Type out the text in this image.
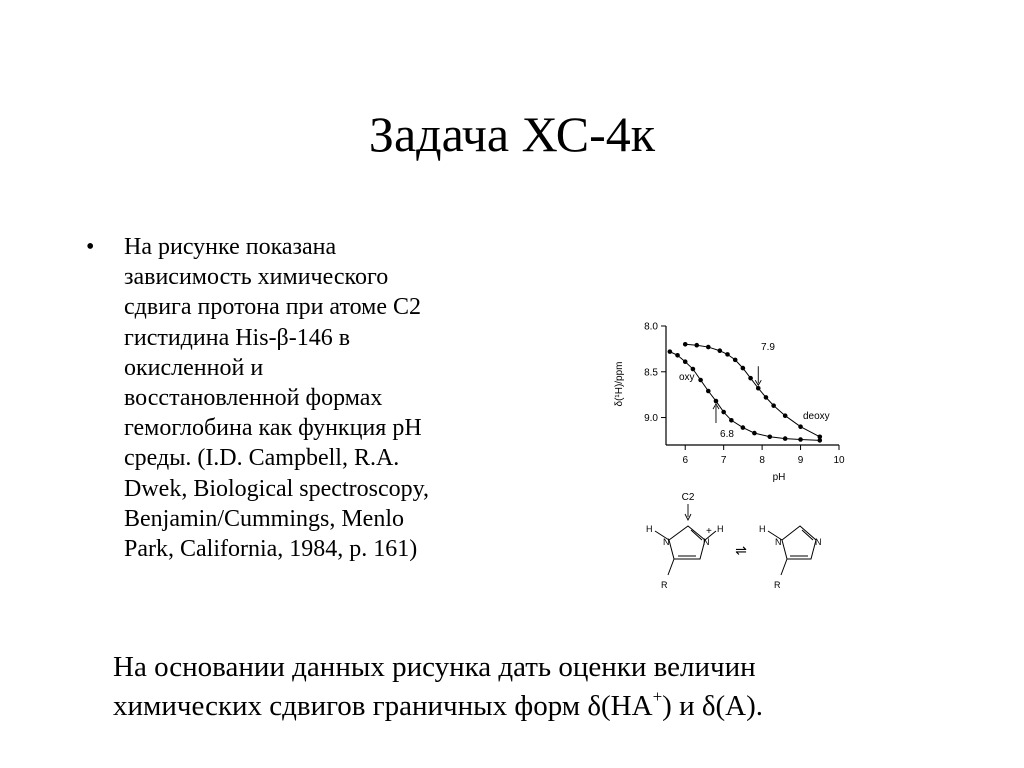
Задача ХС-4к
• На рисунке показана
зависимость химического
сдвига протона при атоме С2
гистидина His-β-146 в
окисленной и
восстановленной формах
гемоглобина как функция pH
среды. (I.D. Campbell, R.A.
Dwek, Biological spectroscopy,
Benjamin/Cummings, Menlo
Park, California, 1984, p. 161)
δ(¹H)/ppm
pH
oxy
deoxy
7.9
6.8
9.0
8.5
8.0
6	7	8	9	10
C2
N	N
+
H	H
R
⇌	N	N
H
R
На основании данных рисунка дать оценки величин
химических сдвигов граничных форм δ(HA+) и δ(A).
